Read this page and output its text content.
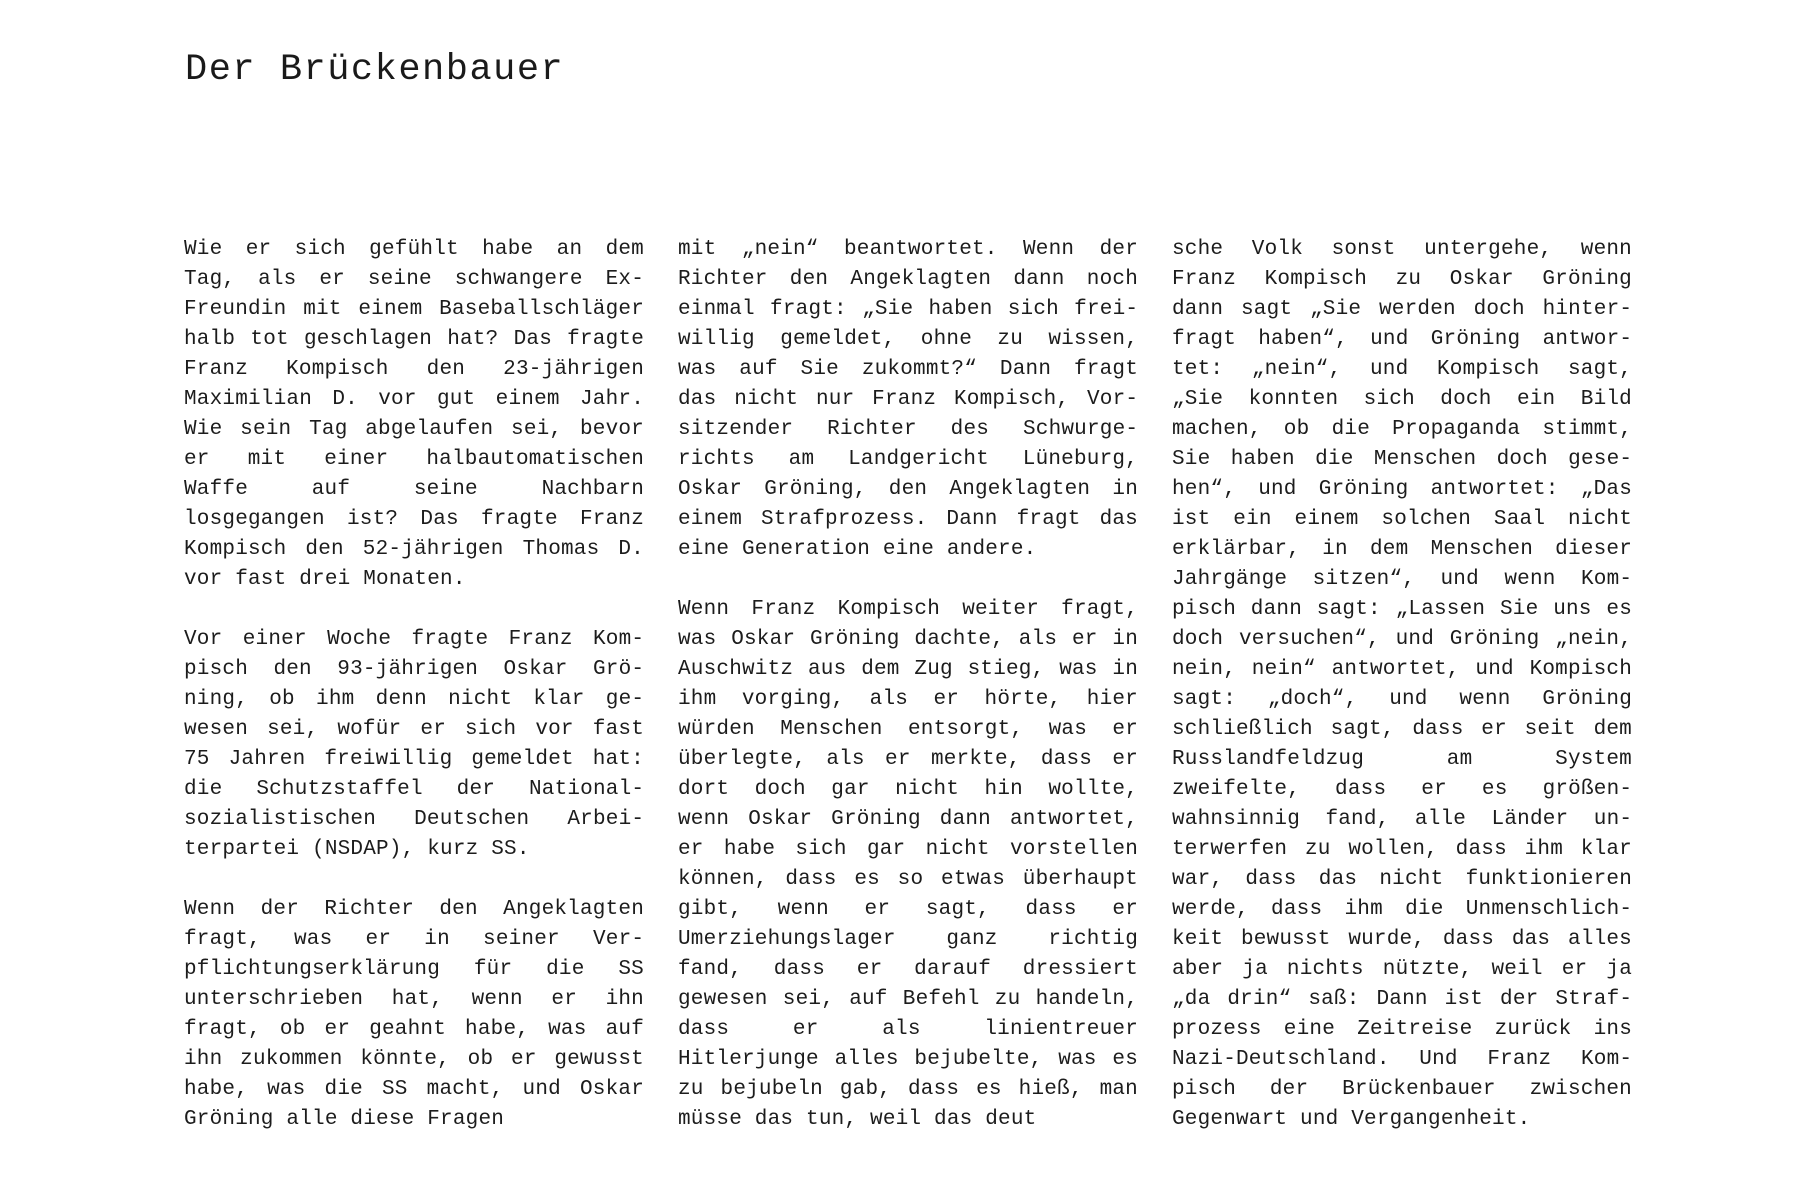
Der Brückenbauer

Wie er sich gefühlt habe an dem Tag, als er seine schwangere Ex-Freundin mit einem Baseballschläger halb tot geschlagen hat? Das fragte Franz Kompisch den 23-jährigen Maximilian D. vor gut einem Jahr. Wie sein Tag abgelaufen sei, bevor er mit einer halbautomatischen Waffe auf seine Nachbarn losgegangen ist? Das fragte Franz Kompisch den 52-jährigen Thomas D. vor fast drei Monaten.

Vor einer Woche fragte Franz Kompisch den 93-jährigen Oskar Gröning, ob ihm denn nicht klar gewesen sei, wofür er sich vor fast 75 Jahren freiwillig gemeldet hat: die Schutzstaffel der Nationalsozialistischen Deutschen Arbeiterpartei (NSDAP), kurz SS.

Wenn der Richter den Angeklagten fragt, was er in seiner Verpflichtungserklärung für die SS unterschrieben hat, wenn er ihn fragt, ob er geahnt habe, was auf ihn zukommen könnte, ob er gewusst habe, was die SS macht, und Oskar Gröning alle diese Fragen

mit „nein“ beantwortet. Wenn der Richter den Angeklagten dann noch einmal fragt: „Sie haben sich freiwillig gemeldet, ohne zu wissen, was auf Sie zukommt?“ Dann fragt das nicht nur Franz Kompisch, Vorsitzender Richter des Schwurgerichts am Landgericht Lüneburg, Oskar Gröning, den Angeklagten in einem Strafprozess. Dann fragt das eine Generation eine andere.

Wenn Franz Kompisch weiter fragt, was Oskar Gröning dachte, als er in Auschwitz aus dem Zug stieg, was in ihm vorging, als er hörte, hier würden Menschen entsorgt, was er überlegte, als er merkte, dass er dort doch gar nicht hin wollte, wenn Oskar Gröning dann antwortet, er habe sich gar nicht vorstellen können, dass es so etwas überhaupt gibt, wenn er sagt, dass er Umerziehungslager ganz richtig fand, dass er darauf dressiert gewesen sei, auf Befehl zu handeln, dass er als linientreuer Hitlerjunge alles bejubelte, was es zu bejubeln gab, dass es hieß, man müsse das tun, weil das deut

sche Volk sonst untergehe, wenn Franz Kompisch zu Oskar Gröning dann sagt „Sie werden doch hinterfragt haben“, und Gröning antwortet: „nein“, und Kompisch sagt, „Sie konnten sich doch ein Bild machen, ob die Propaganda stimmt, Sie haben die Menschen doch gesehen“, und Gröning antwortet: „Das ist ein einem solchen Saal nicht erklärbar, in dem Menschen dieser Jahrgänge sitzen“, und wenn Kompisch dann sagt: „Lassen Sie uns es doch versuchen“, und Gröning „nein, nein, nein“ antwortet, und Kompisch sagt: „doch“, und wenn Gröning schließlich sagt, dass er seit dem Russlandfeldzug am System zweifelte, dass er es größenwahnsinnig fand, alle Länder unterwerfen zu wollen, dass ihm klar war, dass das nicht funktionieren werde, dass ihm die Unmenschlichkeit bewusst wurde, dass das alles aber ja nichts nützte, weil er ja „da drin“ saß: Dann ist der Strafprozess eine Zeitreise zurück ins Nazi-Deutschland. Und Franz Kompisch der Brückenbauer zwischen Gegenwart und Vergangenheit.
